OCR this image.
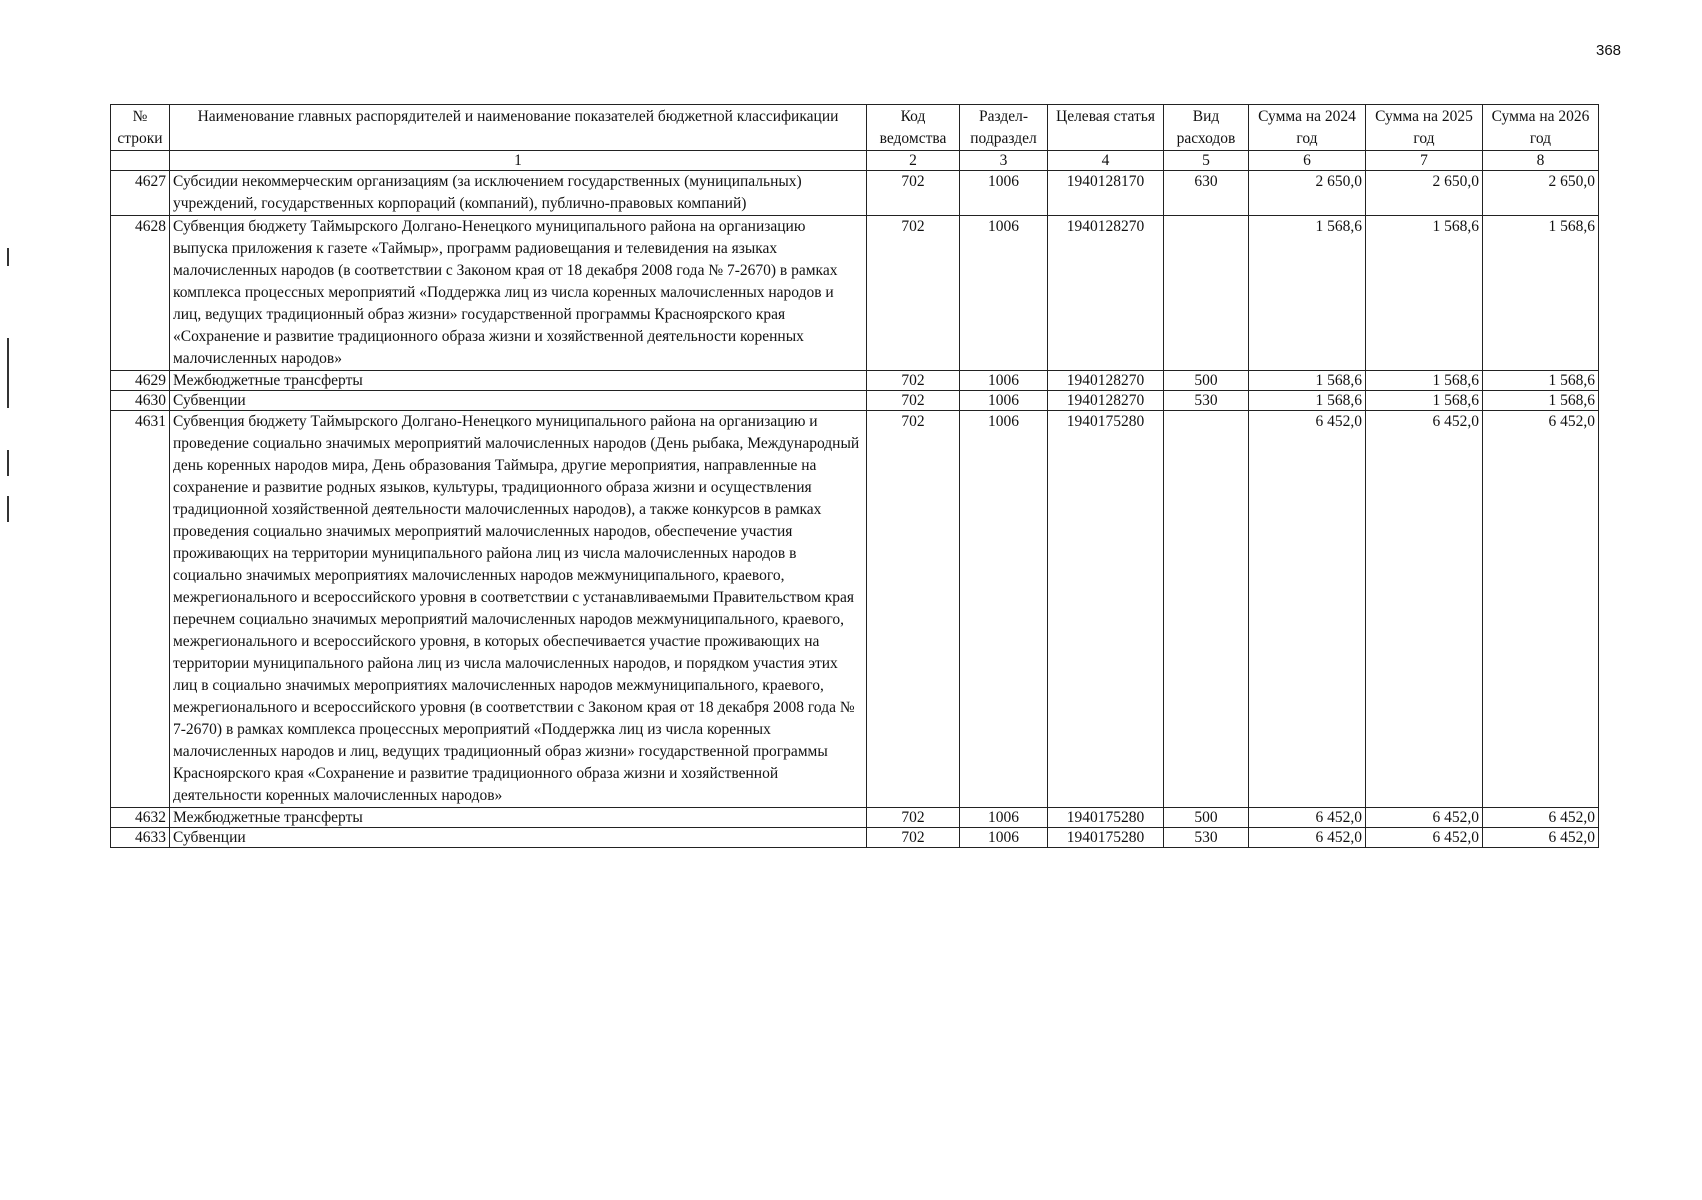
368
№ строки	Наименование главных распорядителей и наименование показателей бюджетной классификации	Код ведомства	Раздел-подраздел	Целевая статья	Вид расходов	Сумма на 2024 год	Сумма на 2025 год	Сумма на 2026 год
	1	2	3	4	5	6	7	8
4627	Субсидии некоммерческим организациям (за исключением государственных (муниципальных) учреждений, государственных корпораций (компаний), публично-правовых компаний)	702	1006	1940128170	630	2 650,0	2 650,0	2 650,0
4628	Субвенция бюджету Таймырского Долгано-Ненецкого муниципального района на организацию выпуска приложения к газете «Таймыр», программ радиовещания и телевидения на языках малочисленных народов (в соответствии с Законом края от 18 декабря 2008 года № 7-2670) в рамках комплекса процессных мероприятий «Поддержка лиц из числа коренных малочисленных народов и лиц, ведущих традиционный образ жизни» государственной программы Красноярского края «Сохранение и развитие традиционного образа жизни и хозяйственной деятельности коренных малочисленных народов»	702	1006	1940128270		1 568,6	1 568,6	1 568,6
4629	Межбюджетные трансферты	702	1006	1940128270	500	1 568,6	1 568,6	1 568,6
4630	Субвенции	702	1006	1940128270	530	1 568,6	1 568,6	1 568,6
4631	Субвенция бюджету Таймырского Долгано-Ненецкого муниципального района на организацию и проведение социально значимых мероприятий малочисленных народов (День рыбака, Международный день коренных народов мира, День образования Таймыра, другие мероприятия, направленные на сохранение и развитие родных языков, культуры, традиционного образа жизни и осуществления традиционной хозяйственной деятельности малочисленных народов), а также конкурсов в рамках проведения социально значимых мероприятий малочисленных народов, обеспечение участия проживающих на территории муниципального района лиц из числа малочисленных народов в социально значимых мероприятиях малочисленных народов межмуниципального, краевого, межрегионального и всероссийского уровня в соответствии с устанавливаемыми Правительством края перечнем социально значимых мероприятий малочисленных народов межмуниципального, краевого, межрегионального и всероссийского уровня, в которых обеспечивается участие проживающих на территории муниципального района лиц из числа малочисленных народов, и порядком участия этих лиц в социально значимых мероприятиях малочисленных народов межмуниципального, краевого, межрегионального и всероссийского уровня (в соответствии с Законом края от 18 декабря 2008 года № 7-2670) в рамках комплекса процессных мероприятий «Поддержка лиц из числа коренных малочисленных народов и лиц, ведущих традиционный образ жизни» государственной программы Красноярского края «Сохранение и развитие традиционного образа жизни и хозяйственной деятельности коренных малочисленных народов»	702	1006	1940175280		6 452,0	6 452,0	6 452,0
4632	Межбюджетные трансферты	702	1006	1940175280	500	6 452,0	6 452,0	6 452,0
4633	Субвенции	702	1006	1940175280	530	6 452,0	6 452,0	6 452,0
